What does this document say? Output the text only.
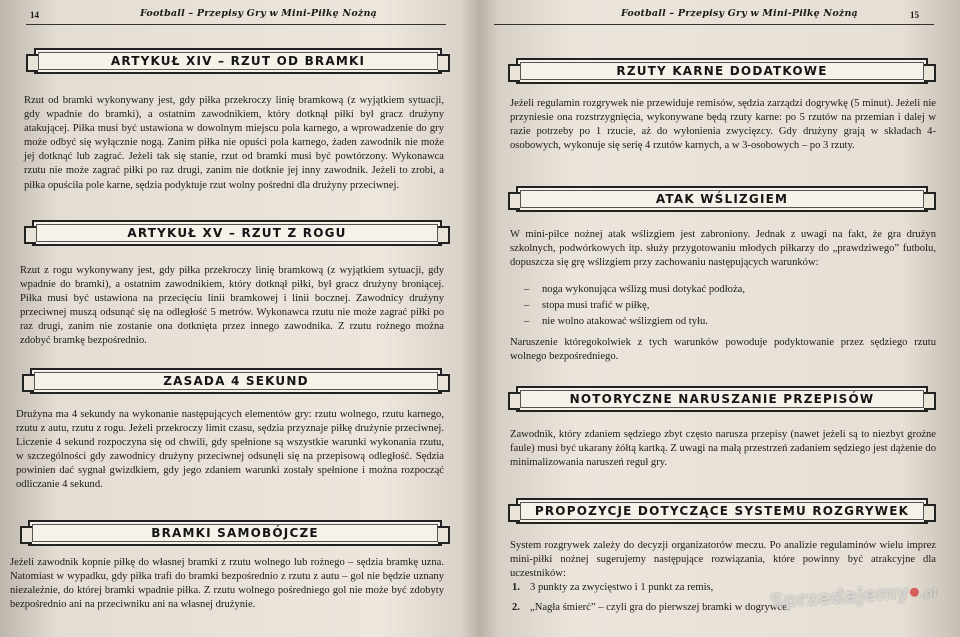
14	Football – Przepisy Gry w Mini-Piłkę Nożną
ARTYKUŁ XIV – RZUT OD BRAMKI

Rzut od bramki wykonywany jest, gdy piłka przekroczy linię bramkową (z wyjątkiem sytuacji, gdy wpadnie do bramki), a ostatnim zawodnikiem, który dotknął piłki był gracz drużyny atakującej. Piłka musi być ustawiona w dowolnym miejscu pola karnego, a wprowadzenie do gry może odbyć się wyłącznie nogą. Zanim piłka nie opuści pola karnego, żaden zawodnik nie może jej dotknąć lub zagrać. Jeżeli tak się stanie, rzut od bramki musi być powtórzony. Wykonawca rzutu nie może zagrać piłki po raz drugi, zanim nie dotknie jej inny zawodnik. Jeżeli to zrobi, a piłka opuściła pole karne, sędzia podyktuje rzut wolny pośredni dla drużyny przeciwnej.

ARTYKUŁ XV – RZUT Z ROGU

Rzut z rogu wykonywany jest, gdy piłka przekroczy linię bramkową (z wyjątkiem sytuacji, gdy wpadnie do bramki), a ostatnim zawodnikiem, który dotknął piłki, był gracz drużyny broniącej. Piłka musi być ustawiona na przecięciu linii bramkowej i linii bocznej. Zawodnicy drużyny przeciwnej muszą odsunąć się na odległość 5 metrów. Wykonawca rzutu nie może zagrać piłki po raz drugi, zanim nie zostanie ona dotknięta przez innego zawodnika. Z rzutu rożnego można zdobyć bramkę bezpośrednio.

ZASADA 4 SEKUND

Drużyna ma 4 sekundy na wykonanie następujących elementów gry: rzutu wolnego, rzutu karnego, rzutu z autu, rzutu z rogu. Jeżeli przekroczy limit czasu, sędzia przyznaje piłkę drużynie przeciwnej. Liczenie 4 sekund rozpoczyna się od chwili, gdy spełnione są wszystkie warunki wykonania rzutu, w szczególności gdy zawodnicy drużyny przeciwnej odsunęli się na przepisową odległość. Sędzia powinien dać sygnał gwizdkiem, gdy jego zdaniem warunki zostały spełnione i można rozpocząć odliczanie 4 sekund.

BRAMKI SAMOBÓJCZE

Jeżeli zawodnik kopnie piłkę do własnej bramki z rzutu wolnego lub rożnego – sędzia bramkę uzna. Natomiast w wypadku, gdy piłka trafi do bramki bezpośrednio z rzutu z autu – gol nie będzie uznany niezależnie, do której bramki wpadnie piłka. Z rzutu wolnego pośredniego gol nie może być zdobyty bezpośrednio ani na przeciwniku ani na własnej drużynie.

15
Football – Przepisy Gry w Mini-Piłkę Nożną
RZUTY KARNE DODATKOWE

Jeżeli regulamin rozgrywek nie przewiduje remisów, sędzia zarządzi dogrywkę (5 minut). Jeżeli nie przyniesie ona rozstrzygnięcia, wykonywane będą rzuty karne: po 5 rzutów na przemian i dalej w razie potrzeby po 1 rzucie, aż do wyłonienia zwycięzcy. Gdy drużyny grają w składach 4-osobowych, wykonuje się serię 4 rzutów karnych, a w 3-osobowych – po 3 rzuty.

ATAK WŚLIZGIEM

W mini-piłce nożnej atak wślizgiem jest zabroniony. Jednak z uwagi na fakt, że gra drużyn szkolnych, podwórkowych itp. służy przygotowaniu młodych piłkarzy do „prawdziwego” futbolu, dopuszcza się grę wślizgiem przy zachowaniu następujących warunków:

– noga wykonująca wślizg musi dotykać podłoża,
– stopa musi trafić w piłkę,
– nie wolno atakować wślizgiem od tyłu.

Naruszenie któregokolwiek z tych warunków powoduje podyktowanie przez sędziego rzutu wolnego bezpośredniego.

NOTORYCZNE NARUSZANIE PRZEPISÓW

Zawodnik, który zdaniem sędziego zbyt często narusza przepisy (nawet jeżeli są to niezbyt groźne faule) musi być ukarany żółtą kartką. Z uwagi na małą przestrzeń zadaniem sędziego jest dążenie do minimalizowania naruszeń reguł gry.

PROPOZYCJE DOTYCZĄCE SYSTEMU ROZGRYWEK

System rozgrywek zależy do decyzji organizatorów meczu. Po analizie regulaminów wielu imprez mini-piłki nożnej sugerujemy następujące rozwiązania, które powinny być atrakcyjne dla uczestników:

1. 3 punkty za zwycięstwo i 1 punkt za remis,
2. „Nagła śmierć” – czyli gra do pierwszej bramki w dogrywce.
Sprzedajemy .pl
